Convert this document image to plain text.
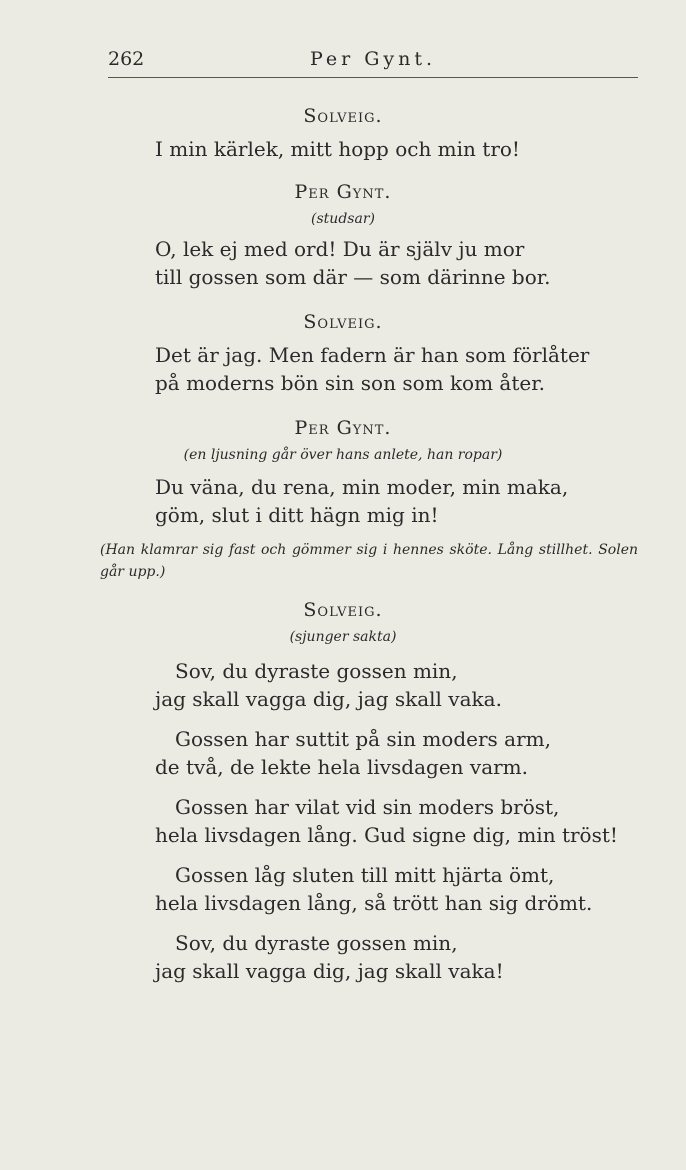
262	Per Gynt.
Solveig.
I min kärlek, mitt hopp och min tro!
Per Gynt.
(studsar)
O, lek ej med ord! Du är själv ju mor
till gossen som där — som därinne bor.
Solveig.
Det är jag. Men fadern är han som förlåter
på moderns bön sin son som kom åter.
Per Gynt.
(en ljusning går över hans anlete, han ropar)
Du väna, du rena, min moder, min maka,
göm, slut i ditt hägn mig in!
(Han klamrar sig fast och gömmer sig i hennes sköte. Lång stillhet. Solen går upp.)
Solveig.
(sjunger sakta)
Sov, du dyraste gossen min,
jag skall vagga dig, jag skall vaka.
Gossen har suttit på sin moders arm,
de två, de lekte hela livsdagen varm.
Gossen har vilat vid sin moders bröst,
hela livsdagen lång. Gud signe dig, min tröst!
Gossen låg sluten till mitt hjärta ömt,
hela livsdagen lång, så trött han sig drömt.
Sov, du dyraste gossen min,
jag skall vagga dig, jag skall vaka!
